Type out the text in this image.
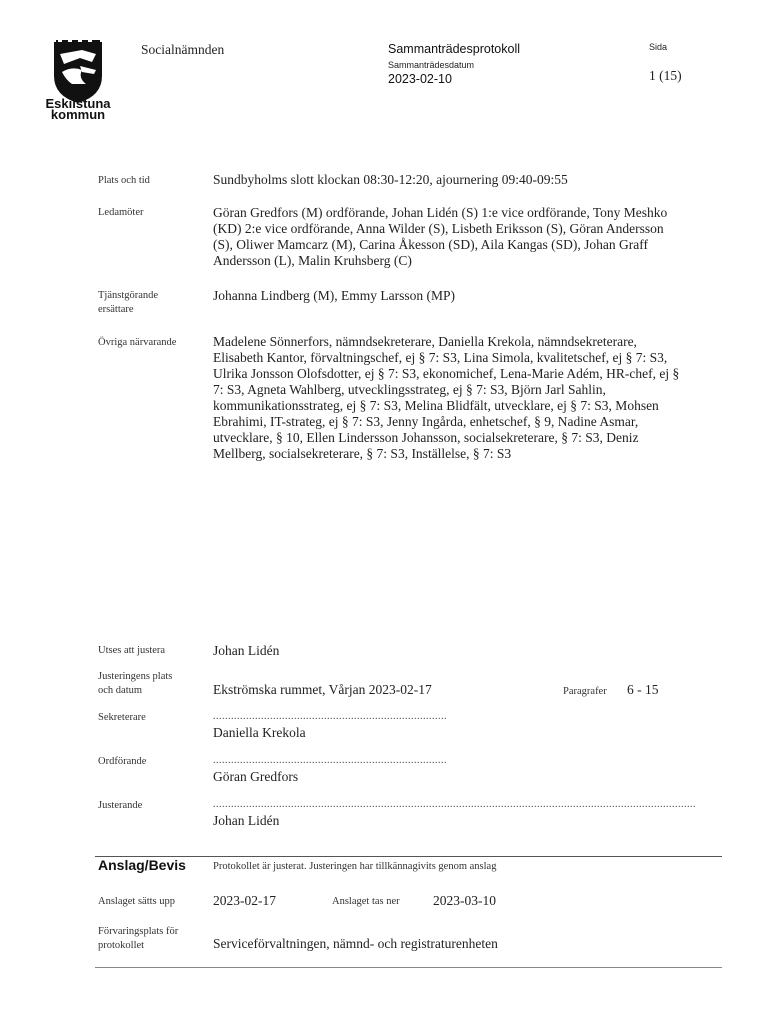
Eskilstuna
kommun
Socialnämnden	Sammanträdesprotokoll
Sammanträdesdatum
2023-02-10
Sida
1 (15)
Plats och tid	Sundbyholms slott klockan 08:30-12:20, ajournering 09:40-09:55
Ledamöter	Göran Gredfors (M) ordförande, Johan Lidén (S) 1:e vice ordförande, Tony Meshko
(KD) 2:e vice ordförande, Anna Wilder (S), Lisbeth Eriksson (S), Göran Andersson
(S), Oliwer Mamcarz (M), Carina Åkesson (SD), Aila Kangas (SD), Johan Graff
Andersson (L), Malin Kruhsberg (C)
Tjänstgörande
ersättare
Johanna Lindberg (M), Emmy Larsson (MP)
Övriga närvarande	Madelene Sönnerfors, nämndsekreterare, Daniella Krekola, nämndsekreterare,
Elisabeth Kantor, förvaltningschef, ej § 7: S3, Lina Simola, kvalitetschef, ej § 7: S3,
Ulrika Jonsson Olofsdotter, ej § 7: S3, ekonomichef, Lena-Marie Adém, HR-chef, ej §
7: S3, Agneta Wahlberg, utvecklingsstrateg, ej § 7: S3, Björn Jarl Sahlin,
kommunikationsstrateg, ej § 7: S3, Melina Blidfält, utvecklare, ej § 7: S3, Mohsen
Ebrahimi, IT-strateg, ej § 7: S3, Jenny Ingårda, enhetschef, § 9, Nadine Asmar,
utvecklare, § 10, Ellen Lindersson Johansson, socialsekreterare, § 7: S3, Deniz
Mellberg, socialsekreterare, § 7: S3, Inställelse, § 7: S3
Utses att justera	Johan Lidén
Justeringens plats
och datum	Ekströmska rummet, Vårjan 2023-02-17	Paragrafer 6 - 15
Sekreterare	..............................................................................
Daniella Krekola
Ordförande	..............................................................................
Göran Gredfors
Justerande	.................................................................................................................................................................
Johan Lidén
Anslag/Bevis	Protokollet är justerat. Justeringen har tillkännagivits genom anslag
Anslaget sätts upp	2023-02-17	Anslaget tas ner 2023-03-10
Förvaringsplats för
protokollet	Serviceförvaltningen, nämnd- och registraturenheten
